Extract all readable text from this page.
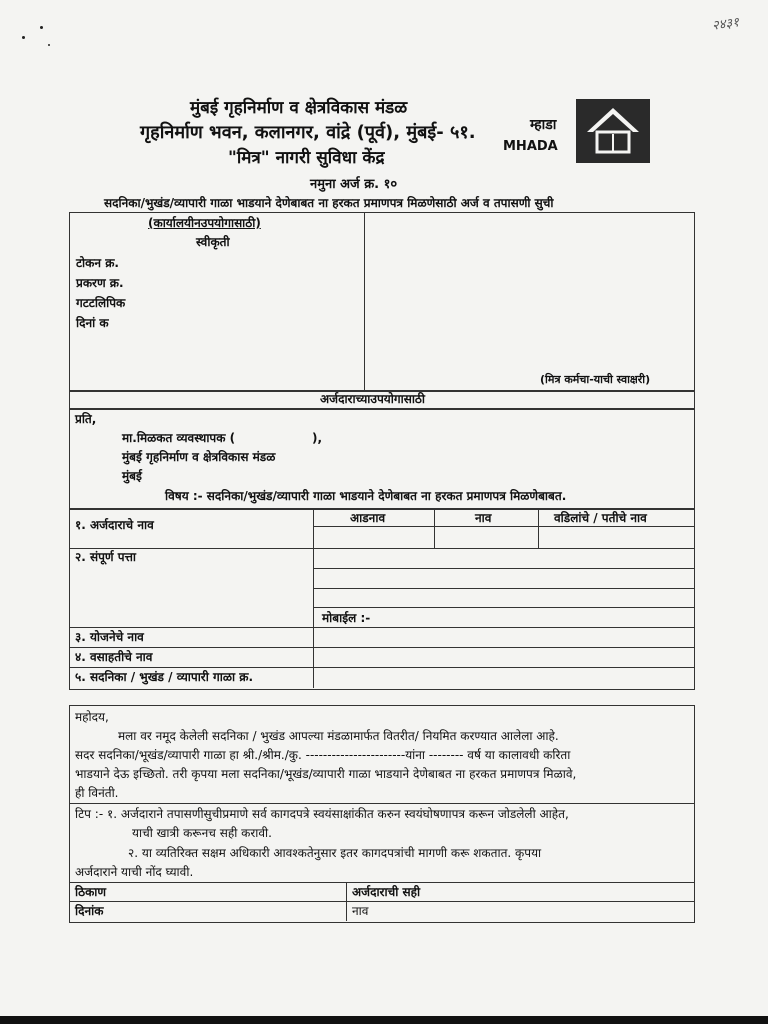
२४३१
मुंबई गृहनिर्माण व क्षेत्रविकास मंडळ
गृहनिर्माण भवन, कलानगर, वांद्रे (पूर्व), मुंबई- ५१.
"मित्र" नागरी सुविधा केंद्र
म्हाडा
MHADA
नमुना अर्ज क्र. १०
सदनिका/भुखंड/व्यापारी गाळा भाडयाने देणेबाबत ना हरकत प्रमाणपत्र मिळणेसाठी अर्ज व तपासणी सुची
(कार्यालयीनउपयोगासाठी)
स्वीकृती
टोकन क्र.
प्रकरण क्र.
गटटलिपिक
दिनां क
(मित्र कर्मचा-याची स्वाक्षरी)
अर्जदाराच्याउपयोगासाठी
प्रति,
मा.मिळकत व्यवस्थापक (	),
मुंबई गृहनिर्माण व क्षेत्रविकास मंडळ
मुंबई
विषय :- सदनिका/भुखंड/व्यापारी गाळा भाडयाने देणेबाबत ना हरकत प्रमाणपत्र मिळणेबाबत.
१. अर्जदाराचे नाव	आडनाव	नाव	वडिलांचे / पतीचे नाव
२. संपूर्ण पत्ता
मोबाईल :-
३. योजनेचे नाव
४. वसाहतीचे नाव
५. सदनिका / भुखंड / व्यापारी गाळा क्र.
महोदय,
मला वर नमूद केलेली सदनिका / भुखंड आपल्या मंडळामार्फत वितरीत/ नियमित करण्यात आलेला आहे.
सदर सदनिका/भूखंड/व्यापारी गाळा हा श्री./श्रीम./कु. -----------------------यांना -------- वर्ष या कालावधी करिता
भाडयाने देऊ इच्छितो. तरी कृपया मला सदनिका/भूखंड/व्यापारी गाळा भाडयाने देणेबाबत ना हरकत प्रमाणपत्र मिळावे,
ही विनंती.
टिप :- १. अर्जदाराने तपासणीसुचीप्रमाणे सर्व कागदपत्रे स्वयंसाक्षांकीत करुन स्वयंघोषणापत्र करून जोडलेली आहेत,
याची खात्री करूनच सही करावी.
२. या व्यतिरिक्त सक्षम अधिकारी आवश्कतेनुसार इतर कागदपत्रांची मागणी करू शकतात. कृपया
अर्जदाराने याची नोंद घ्यावी.
ठिकाण	अर्जदाराची सही
दिनांक	नाव
